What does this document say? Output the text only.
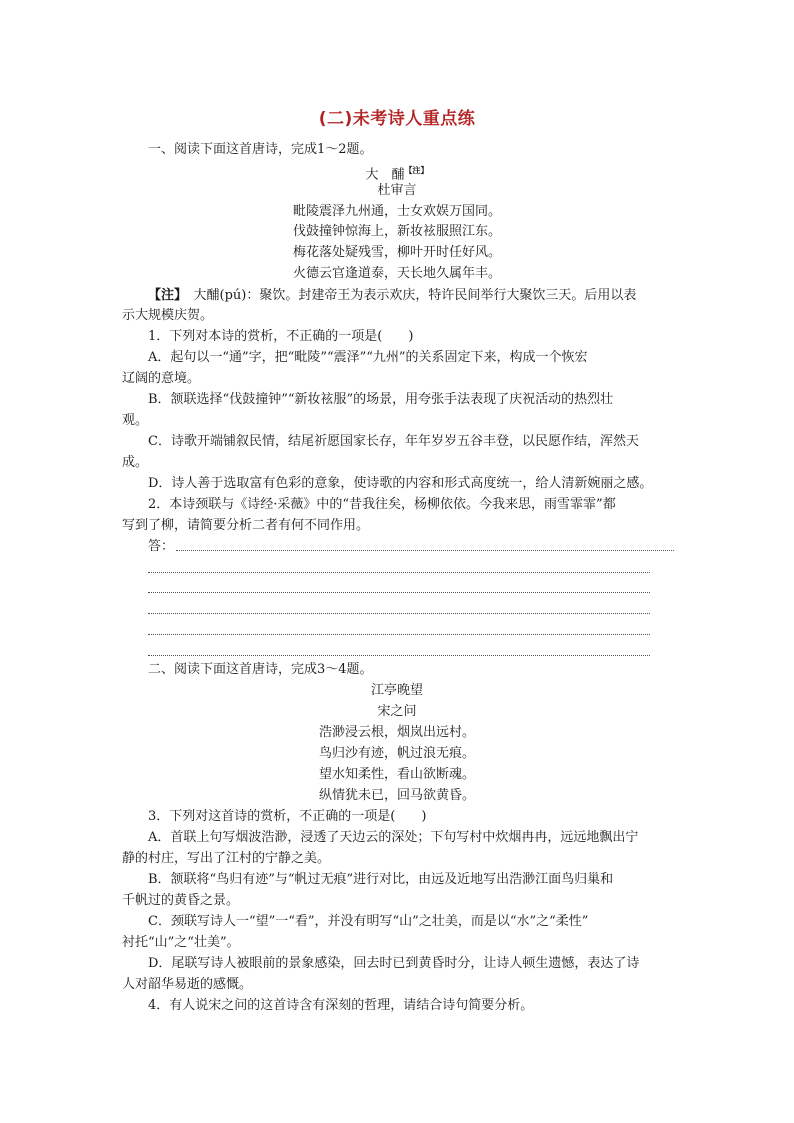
(二)未考诗人重点练
一、阅读下面这首唐诗，完成1～2题。
大　酺$^{【注】}$
杜审言
毗陵震泽九州通，士女欢娱万国同。
伐鼓撞钟惊海上，新妆袨服照江东。
梅花落处疑残雪，柳叶开时任好风。
火德云官逢道泰，天长地久属年丰。
【注】　大酺(pú)：聚饮。封建帝王为表示欢庆，特许民间举行大聚饮三天。后用以表
示大规模庆贺。
1．下列对本诗的赏析，不正确的一项是(　　)
A．起句以一“通”字，把“毗陵”“震泽”“九州”的关系固定下来，构成一个恢宏
辽阔的意境。
B．颔联选择“伐鼓撞钟”“新妆袨服”的场景，用夸张手法表现了庆祝活动的热烈壮
观。
C．诗歌开端铺叙民情，结尾祈愿国家长存，年年岁岁五谷丰登，以民愿作结，浑然天
成。
D．诗人善于选取富有色彩的意象，使诗歌的内容和形式高度统一，给人清新婉丽之感。
2．本诗颈联与《诗经·采薇》中的“昔我往矣，杨柳依依。今我来思，雨雪霏霏”都
写到了柳，请简要分析二者有何不同作用。
答：
二、阅读下面这首唐诗，完成3～4题。
江亭晚望
宋之问
浩渺浸云根，烟岚出远村。
鸟归沙有迹，帆过浪无痕。
望水知柔性，看山欲断魂。
纵情犹未已，回马欲黄昏。
3．下列对这首诗的赏析，不正确的一项是(　　)
A．首联上句写烟波浩渺，浸透了天边云的深处；下句写村中炊烟冉冉，远远地飘出宁
静的村庄，写出了江村的宁静之美。
B．颔联将“鸟归有迹”与“帆过无痕”进行对比，由远及近地写出浩渺江面鸟归巢和
千帆过的黄昏之景。
C．颈联写诗人一“望”一“看”，并没有明写“山”之壮美，而是以“水”之“柔性”
衬托“山”之“壮美”。
D．尾联写诗人被眼前的景象感染，回去时已到黄昏时分，让诗人顿生遗憾，表达了诗
人对韶华易逝的感慨。
4．有人说宋之问的这首诗含有深刻的哲理，请结合诗句简要分析。
